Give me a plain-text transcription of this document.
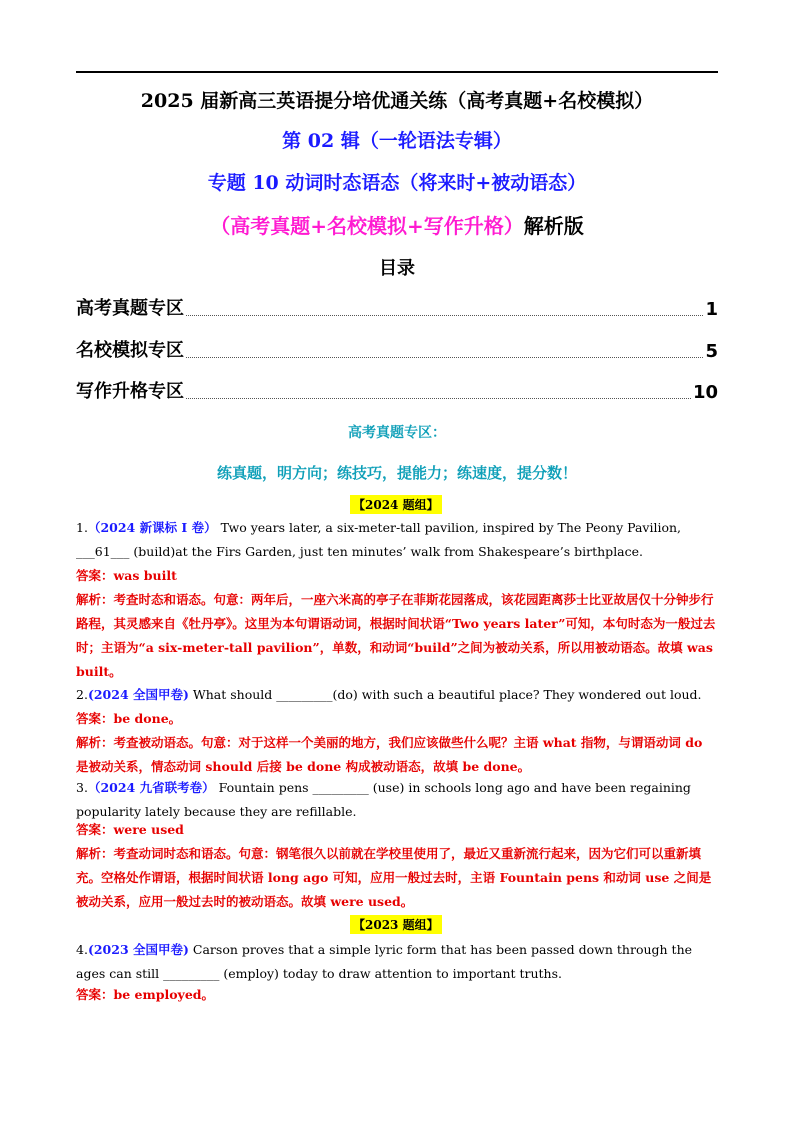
2025 届新高三英语提分培优通关练（高考真题+名校模拟）
第 02 辑（一轮语法专辑）
专题 10 动词时态语态（将来时+被动语态）
（高考真题+名校模拟+写作升格）解析版
目录
高考真题专区	1
名校模拟专区	5
写作升格专区	10
高考真题专区：
练真题，明方向；练技巧，提能力；练速度，提分数！
【2024 题组】
1.（2024 新课标 I 卷） Two years later, a six-meter-tall pavilion, inspired by The Peony Pavilion, ___61___ (build)at the Firs Garden, just ten minutes’ walk from Shakespeare’s birthplace.
答案：was built
解析：考查时态和语态。句意：两年后，一座六米高的亭子在菲斯花园落成，该花园距离莎士比亚故居仅十分钟步行路程，其灵感来自《牡丹亭》。这里为本句谓语动词，根据时间状语“Two years later”可知，本句时态为一般过去时；主语为“a six-meter-tall pavilion”，单数，和动词“build”之间为被动关系，所以用被动语态。故填 was built。
2.(2024 全国甲卷) What should _________(do) with such a beautiful place? They wondered out loud.
答案：be done。
解析：考查被动语态。句意：对于这样一个美丽的地方，我们应该做些什么呢？主语 what 指物，与谓语动词 do 是被动关系，情态动词 should 后接 be done 构成被动语态，故填 be done。
3.（2024 九省联考卷） Fountain pens _________ (use) in schools long ago and have been regaining popularity lately because they are refillable.
答案：were used
解析：考查动词时态和语态。句意：钢笔很久以前就在学校里使用了，最近又重新流行起来，因为它们可以重新填充。空格处作谓语，根据时间状语 long ago 可知，应用一般过去时，主语 Fountain pens 和动词 use 之间是被动关系，应用一般过去时的被动语态。故填 were used。
【2023 题组】
4.(2023 全国甲卷) Carson proves that a simple lyric form that has been passed down through the ages can still _________ (employ) today to draw attention to important truths.
答案：be employed。
